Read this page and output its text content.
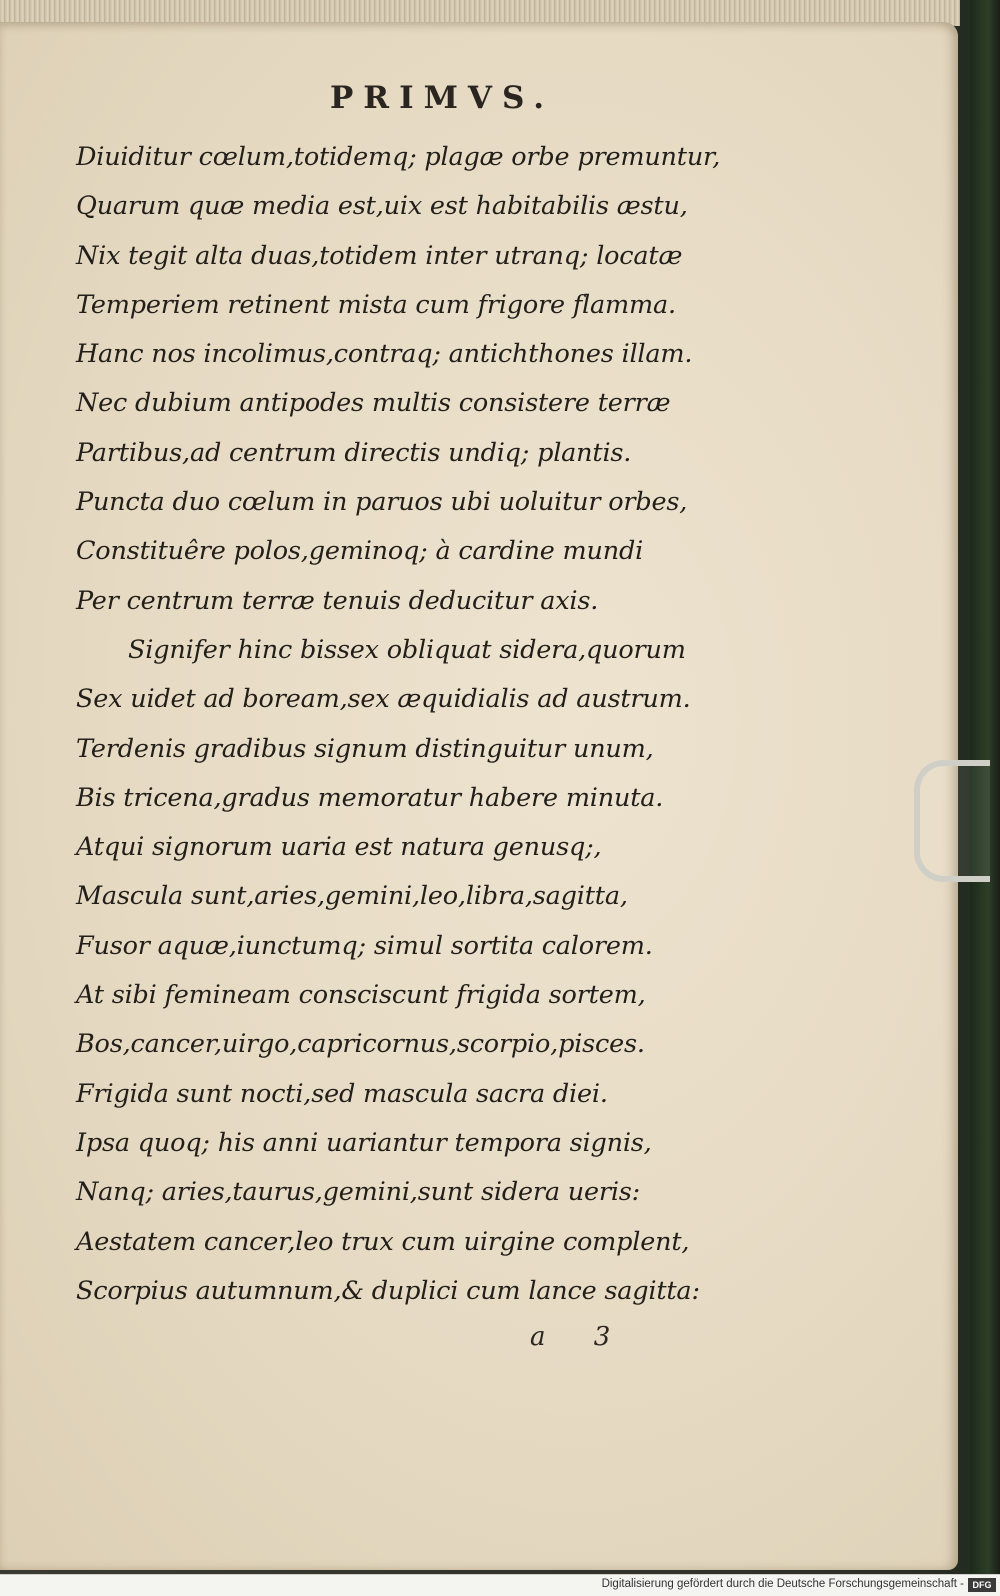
PRIMVS.
Diuiditur cœlum,totidemq; plagæ orbe premuntur,
Quarum quæ media est,uix est habitabilis æstu,
Nix tegit alta duas,totidem inter utranq; locatæ
Temperiem retinent mista cum frigore flamma.
Hanc nos incolimus,contraq; antichthones illam.
Nec dubium antipodes multis consistere terræ
Partibus,ad centrum directis undiq; plantis.
Puncta duo cœlum in paruos ubi uoluitur orbes,
Constituêre polos,geminoq; à cardine mundi
Per centrum terræ tenuis deducitur axis.
Signifer hinc bissex obliquat sidera,quorum
Sex uidet ad boream,sex æquidialis ad austrum.
Terdenis gradibus signum distinguitur unum,
Bis tricena,gradus memoratur habere minuta.
Atqui signorum uaria est natura genusq;,
Mascula sunt,aries,gemini,leo,libra,sagitta,
Fusor aquæ,iunctumq; simul sortita calorem.
At sibi femineam consciscunt frigida sortem,
Bos,cancer,uirgo,capricornus,scorpio,pisces.
Frigida sunt nocti,sed mascula sacra diei.
Ipsa quoq; his anni uariantur tempora signis,
Nanq; aries,taurus,gemini,sunt sidera ueris:
Aestatem cancer,leo trux cum uirgine complent,
Scorpius autumnum,& duplici cum lance sagitta:
a 3
Digitalisierung gefördert durch die Deutsche Forschungsgemeinschaft - DFG
